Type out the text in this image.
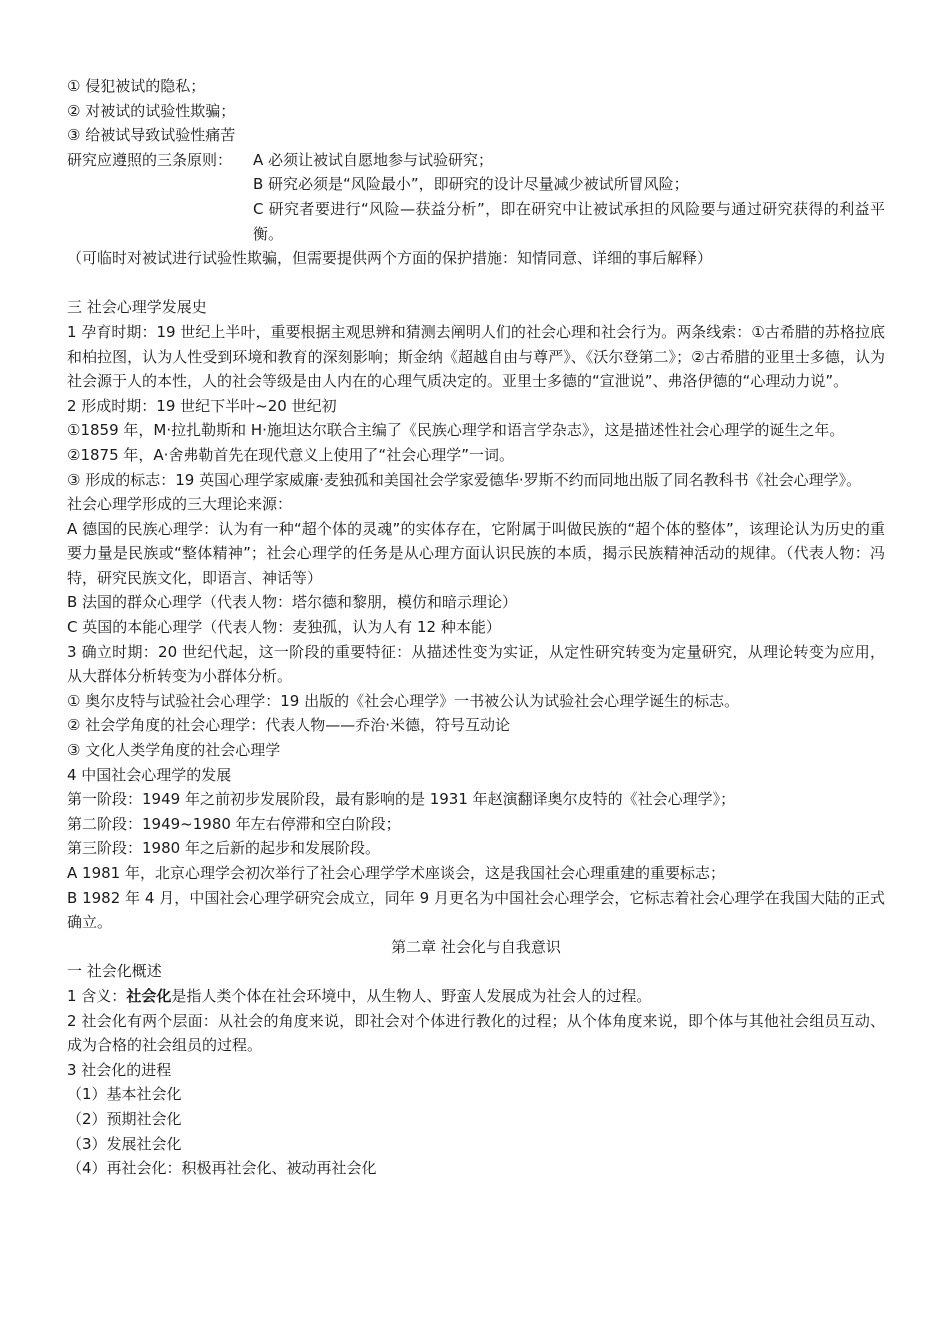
① 侵犯被试的隐私；
② 对被试的试验性欺骗；
③ 给被试导致试验性痛苦
研究应遵照的三条原则： A 必须让被试自愿地参与试验研究；
B 研究必须是“风险最小”，即研究的设计尽量减少被试所冒风险；
C 研究者要进行“风险—获益分析”，即在研究中让被试承担的风险要与通过研究获得的利益平衡。
（可临时对被试进行试验性欺骗，但需要提供两个方面的保护措施：知情同意、详细的事后解释）
三 社会心理学发展史
1 孕育时期：19 世纪上半叶，重要根据主观思辨和猜测去阐明人们的社会心理和社会行为。两条线索：①古希腊的苏格拉底和柏拉图，认为人性受到环境和教育的深刻影响；斯金纳《超越自由与尊严》、《沃尔登第二》；②古希腊的亚里士多德，认为社会源于人的本性，人的社会等级是由人内在的心理气质决定的。亚里士多德的“宣泄说”、弗洛伊德的“心理动力说”。
2 形成时期：19 世纪下半叶~20 世纪初
①1859 年，M·拉扎勒斯和 H·施坦达尔联合主编了《民族心理学和语言学杂志》，这是描述性社会心理学的诞生之年。
②1875 年，A·舍弗勒首先在现代意义上使用了“社会心理学”一词。
③ 形成的标志：19 英国心理学家威廉·麦独孤和美国社会学家爱德华·罗斯不约而同地出版了同名教科书《社会心理学》。
社会心理学形成的三大理论来源：
A 德国的民族心理学：认为有一种“超个体的灵魂”的实体存在，它附属于叫做民族的“超个体的整体”，该理论认为历史的重要力量是民族或“整体精神”；社会心理学的任务是从心理方面认识民族的本质，揭示民族精神活动的规律。（代表人物：冯特，研究民族文化，即语言、神话等）
B 法国的群众心理学（代表人物：塔尔德和黎朋，模仿和暗示理论）
C 英国的本能心理学（代表人物：麦独孤，认为人有 12 种本能）
3 确立时期：20 世纪代起，这一阶段的重要特征：从描述性变为实证，从定性研究转变为定量研究，从理论转变为应用，从大群体分析转变为小群体分析。
① 奥尔皮特与试验社会心理学：19 出版的《社会心理学》一书被公认为试验社会心理学诞生的标志。
② 社会学角度的社会心理学：代表人物——乔治·米德，符号互动论
③ 文化人类学角度的社会心理学
4 中国社会心理学的发展
第一阶段：1949 年之前初步发展阶段，最有影响的是 1931 年赵演翻译奥尔皮特的《社会心理学》；
第二阶段：1949~1980 年左右停滞和空白阶段；
第三阶段：1980 年之后新的起步和发展阶段。
A 1981 年，北京心理学会初次举行了社会心理学学术座谈会，这是我国社会心理重建的重要标志；
B 1982 年 4 月，中国社会心理学研究会成立，同年 9 月更名为中国社会心理学会，它标志着社会心理学在我国大陆的正式确立。
第二章 社会化与自我意识
一 社会化概述
1 含义：社会化是指人类个体在社会环境中，从生物人、野蛮人发展成为社会人的过程。
2 社会化有两个层面：从社会的角度来说，即社会对个体进行教化的过程；从个体角度来说，即个体与其他社会组员互动、成为合格的社会组员的过程。
3 社会化的进程
（1）基本社会化
（2）预期社会化
（3）发展社会化
（4）再社会化：积极再社会化、被动再社会化
